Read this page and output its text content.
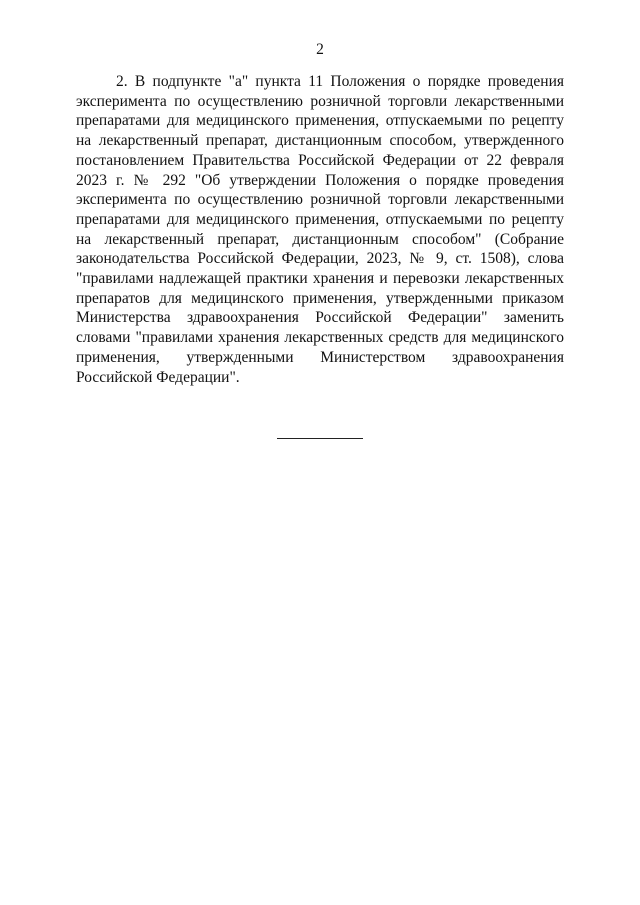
2

2. В подпункте "а" пункта 11 Положения о порядке проведения эксперимента по осуществлению розничной торговли лекарственными препаратами для медицинского применения, отпускаемыми по рецепту на лекарственный препарат, дистанционным способом, утвержденного постановлением Правительства Российской Федерации от 22 февраля 2023 г. № 292 "Об утверждении Положения о порядке проведения эксперимента по осуществлению розничной торговли лекарственными препаратами для медицинского применения, отпускаемыми по рецепту на лекарственный препарат, дистанционным способом" (Собрание законодательства Российской Федерации, 2023, № 9, ст. 1508), слова "правилами надлежащей практики хранения и перевозки лекарственных препаратов для медицинского применения, утвержденными приказом Министерства здравоохранения Российской Федерации" заменить словами "правилами хранения лекарственных средств для медицинского применения, утвержденными Министерством здравоохранения Российской Федерации".
